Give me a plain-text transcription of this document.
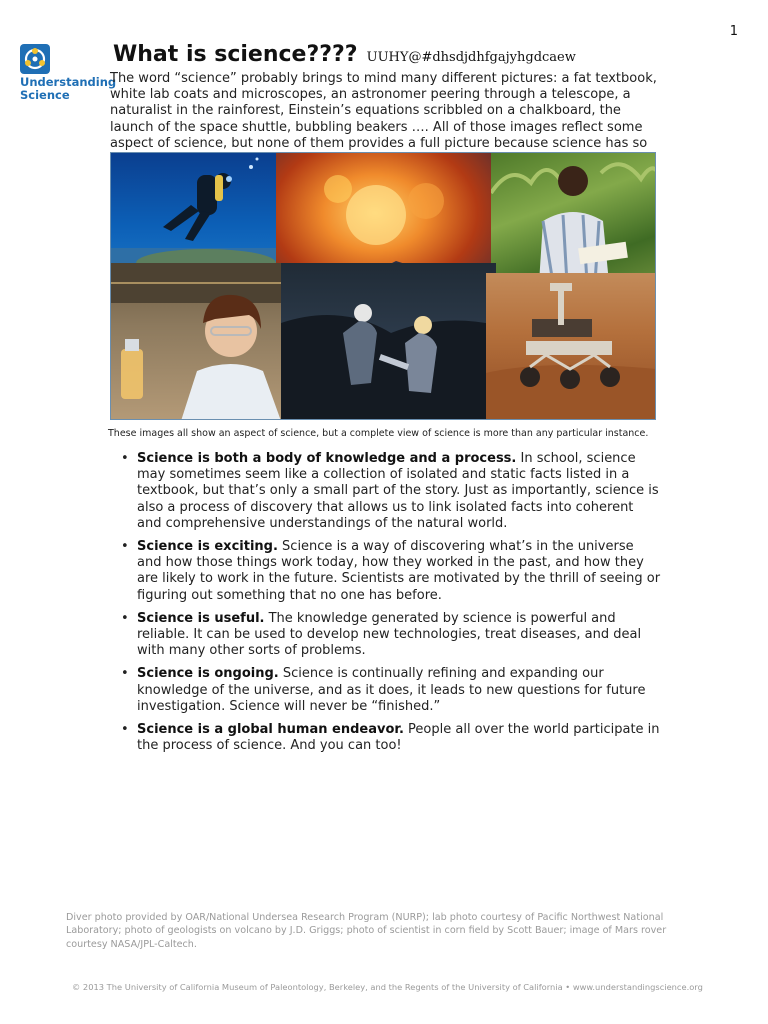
1
Understanding
Science
What is science???? UUHY@#dhsdjdhfgajyhgdcaew
The word “science” probably brings to mind many different pictures: a fat textbook, white lab coats and microscopes, an astronomer peering through a telescope, a naturalist in the rainforest, Einstein’s equations scribbled on a chalkboard, the launch of the space shuttle, bubbling beakers …. All of those images reflect some aspect of science, but none of them provides a full picture because science has so
These images all show an aspect of science, but a complete view of science is more than any particular instance.
• Science is both a body of knowledge and a process. In school, science may sometimes seem like a collection of isolated and static facts listed in a textbook, but that’s only a small part of the story. Just as importantly, science is also a process of discovery that allows us to link isolated facts into coherent and comprehensive understandings of the natural world.
• Science is exciting. Science is a way of discovering what’s in the universe and how those things work today, how they worked in the past, and how they are likely to work in the future. Scientists are motivated by the thrill of seeing or figuring out something that no one has before.
• Science is useful. The knowledge generated by science is powerful and reliable. It can be used to develop new technologies, treat diseases, and deal with many other sorts of problems.
• Science is ongoing. Science is continually refining and expanding our knowledge of the universe, and as it does, it leads to new questions for future investigation. Science will never be “finished.”
• Science is a global human endeavor. People all over the world participate in the process of science. And you can too!
Diver photo provided by OAR/National Undersea Research Program (NURP); lab photo courtesy of Pacific Northwest National Laboratory; photo of geologists on volcano by J.D. Griggs; photo of scientist in corn field by Scott Bauer; image of Mars rover courtesy NASA/JPL-Caltech.
© 2013 The University of California Museum of Paleontology, Berkeley, and the Regents of the University of California • www.understandingscience.org
